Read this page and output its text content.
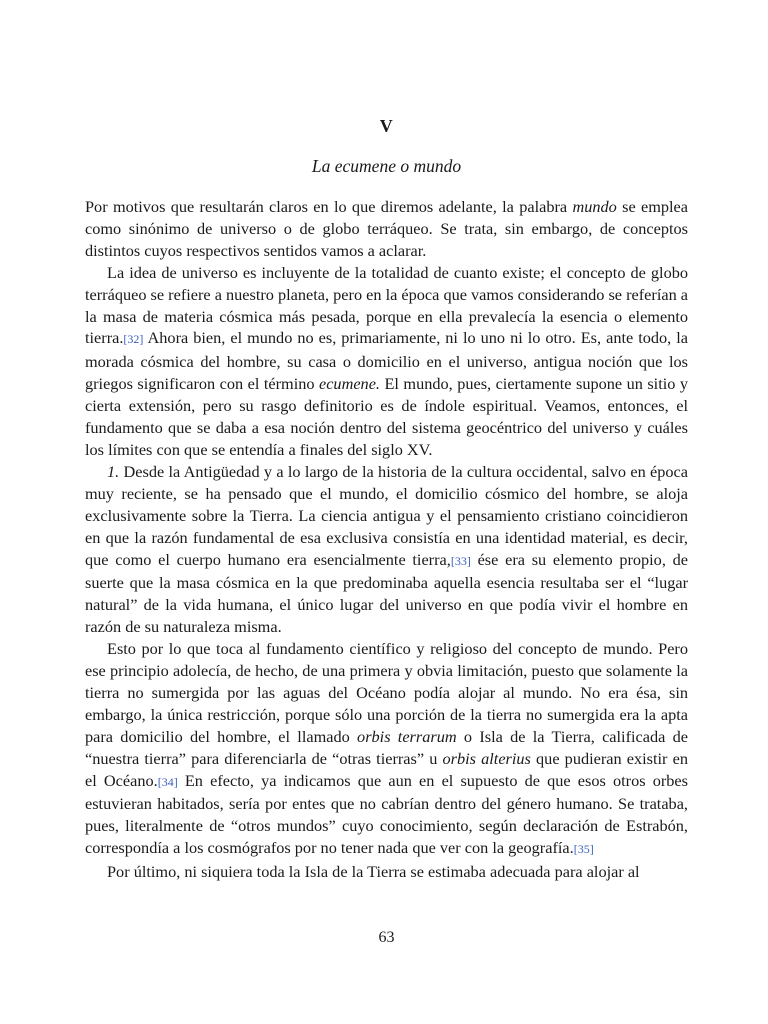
V
La ecumene o mundo

Por motivos que resultarán claros en lo que diremos adelante, la palabra mundo se emplea como sinónimo de universo o de globo terráqueo. Se trata, sin embargo, de conceptos distintos cuyos respectivos sentidos vamos a aclarar.

La idea de universo es incluyente de la totalidad de cuanto existe; el concepto de globo terráqueo se refiere a nuestro planeta, pero en la época que vamos considerando se referían a la masa de materia cósmica más pesada, porque en ella prevalecía la esencia o elemento tierra.[32] Ahora bien, el mundo no es, primariamente, ni lo uno ni lo otro. Es, ante todo, la morada cósmica del hombre, su casa o domicilio en el universo, antigua noción que los griegos significaron con el término ecumene. El mundo, pues, ciertamente supone un sitio y cierta extensión, pero su rasgo definitorio es de índole espiritual. Veamos, entonces, el fundamento que se daba a esa noción dentro del sistema geocéntrico del universo y cuáles los límites con que se entendía a finales del siglo XV.

1. Desde la Antigüedad y a lo largo de la historia de la cultura occidental, salvo en época muy reciente, se ha pensado que el mundo, el domicilio cósmico del hombre, se aloja exclusivamente sobre la Tierra. La ciencia antigua y el pensamiento cristiano coincidieron en que la razón fundamental de esa exclusiva consistía en una identidad material, es decir, que como el cuerpo humano era esencialmente tierra,[33] ése era su elemento propio, de suerte que la masa cósmica en la que predominaba aquella esencia resultaba ser el “lugar natural” de la vida humana, el único lugar del universo en que podía vivir el hombre en razón de su naturaleza misma.

Esto por lo que toca al fundamento científico y religioso del concepto de mundo. Pero ese principio adolecía, de hecho, de una primera y obvia limitación, puesto que solamente la tierra no sumergida por las aguas del Océano podía alojar al mundo. No era ésa, sin embargo, la única restricción, porque sólo una porción de la tierra no sumergida era la apta para domicilio del hombre, el llamado orbis terrarum o Isla de la Tierra, calificada de “nuestra tierra” para diferenciarla de “otras tierras” u orbis alterius que pudieran existir en el Océano.[34] En efecto, ya indicamos que aun en el supuesto de que esos otros orbes estuvieran habitados, sería por entes que no cabrían dentro del género humano. Se trataba, pues, literalmente de “otros mundos” cuyo conocimiento, según declaración de Estrabón, correspondía a los cosmógrafos por no tener nada que ver con la geografía.[35]

Por último, ni siquiera toda la Isla de la Tierra se estimaba adecuada para alojar al

63
